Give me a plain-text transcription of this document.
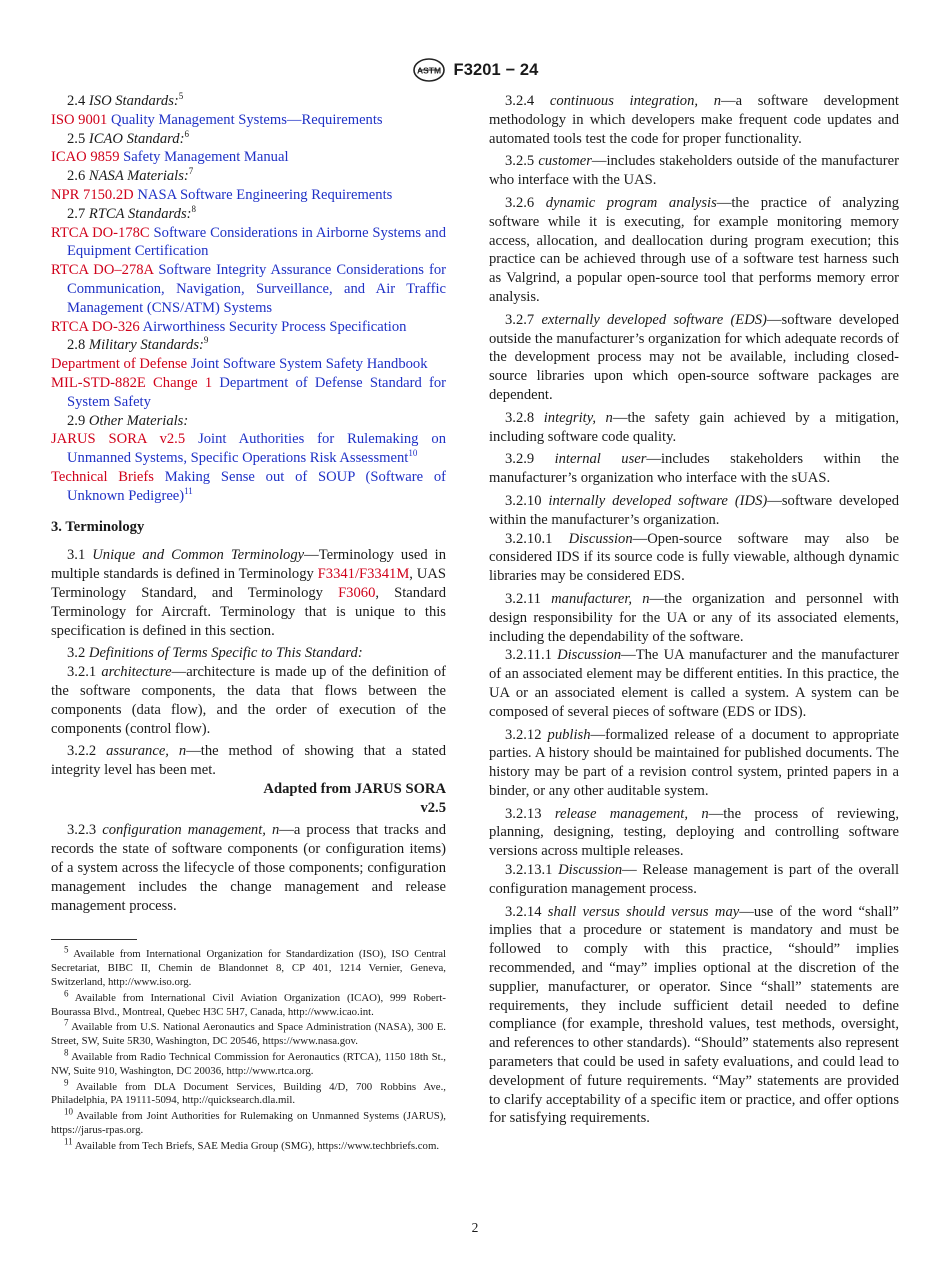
ASTM F3201 − 24

2.4 ISO Standards:$^5$

ISO 9001 Quality Management Systems—Requirements

2.5 ICAO Standard:$^6$

ICAO 9859 Safety Management Manual

2.6 NASA Materials:$^7$

NPR 7150.2D NASA Software Engineering Requirements

2.7 RTCA Standards:$^8$

RTCA DO-178C Software Considerations in Airborne Systems and Equipment Certification

RTCA DO–278A Software Integrity Assurance Considerations for Communication, Navigation, Surveillance, and Air Traffic Management (CNS/ATM) Systems

RTCA DO-326 Airworthiness Security Process Specification

2.8 Military Standards:$^9$

Department of Defense Joint Software System Safety Handbook

MIL-STD-882E Change 1 Department of Defense Standard for System Safety

2.9 Other Materials:

JARUS SORA v2.5 Joint Authorities for Rulemaking on Unmanned Systems, Specific Operations Risk Assessment$^{10}$

Technical Briefs Making Sense out of SOUP (Software of Unknown Pedigree)$^{11}$

3. Terminology

3.1 Unique and Common Terminology—Terminology used in multiple standards is defined in Terminology F3341/F3341M, UAS Terminology Standard, and Terminology F3060, Standard Terminology for Aircraft. Terminology that is unique to this specification is defined in this section.

3.2 Definitions of Terms Specific to This Standard:

3.2.1 architecture—architecture is made up of the definition of the software components, the data that flows between the components (data flow), and the order of execution of the components (control flow).

3.2.2 assurance, n—the method of showing that a stated integrity level has been met.

Adapted from JARUS SORA v2.5

3.2.3 configuration management, n—a process that tracks and records the state of software components (or configuration items) of a system across the lifecycle of those components; configuration management includes the change management and release management process.

$^5$ Available from International Organization for Standardization (ISO), ISO Central Secretariat, BIBC II, Chemin de Blandonnet 8, CP 401, 1214 Vernier, Geneva, Switzerland, http://www.iso.org.

$^6$ Available from International Civil Aviation Organization (ICAO), 999 Robert-Bourassa Blvd., Montreal, Quebec H3C 5H7, Canada, http://www.icao.int.

$^7$ Available from U.S. National Aeronautics and Space Administration (NASA), 300 E. Street, SW, Suite 5R30, Washington, DC 20546, https://www.nasa.gov.

$^8$ Available from Radio Technical Commission for Aeronautics (RTCA), 1150 18th St., NW, Suite 910, Washington, DC 20036, http://www.rtca.org.

$^9$ Available from DLA Document Services, Building 4/D, 700 Robbins Ave., Philadelphia, PA 19111-5094, http://quicksearch.dla.mil.

$^{10}$ Available from Joint Authorities for Rulemaking on Unmanned Systems (JARUS), https://jarus-rpas.org.

$^{11}$ Available from Tech Briefs, SAE Media Group (SMG), https://www.techbriefs.com.

3.2.4 continuous integration, n—a software development methodology in which developers make frequent code updates and automated tools test the code for proper functionality.

3.2.5 customer—includes stakeholders outside of the manufacturer who interface with the UAS.

3.2.6 dynamic program analysis—the practice of analyzing software while it is executing, for example monitoring memory access, allocation, and deallocation during program execution; this practice can be achieved through use of a software test harness such as Valgrind, a popular open-source tool that performs memory error analysis.

3.2.7 externally developed software (EDS)—software developed outside the manufacturer’s organization for which adequate records of the development process may not be available, including closed-source libraries upon which open-source software packages are dependent.

3.2.8 integrity, n—the safety gain achieved by a mitigation, including software code quality.

3.2.9 internal user—includes stakeholders within the manufacturer’s organization who interface with the sUAS.

3.2.10 internally developed software (IDS)—software developed within the manufacturer’s organization.

3.2.10.1 Discussion—Open-source software may also be considered IDS if its source code is fully viewable, although dynamic libraries may be considered EDS.

3.2.11 manufacturer, n—the organization and personnel with design responsibility for the UA or any of its associated elements, including the dependability of the software.

3.2.11.1 Discussion—The UA manufacturer and the manufacturer of an associated element may be different entities. In this practice, the UA or an associated element is called a system. A system can be composed of several pieces of software (EDS or IDS).

3.2.12 publish—formalized release of a document to appropriate parties. A history should be maintained for published documents. The history may be part of a revision control system, printed papers in a binder, or any other auditable system.

3.2.13 release management, n—the process of reviewing, planning, designing, testing, deploying and controlling software versions across multiple releases.

3.2.13.1 Discussion— Release management is part of the overall configuration management process.

3.2.14 shall versus should versus may—use of the word “shall” implies that a procedure or statement is mandatory and must be followed to comply with this practice, “should” implies recommended, and “may” implies optional at the discretion of the supplier, manufacturer, or operator. Since “shall” statements are requirements, they include sufficient detail needed to define compliance (for example, threshold values, test methods, oversight, and references to other standards). “Should” statements also represent parameters that could be used in safety evaluations, and could lead to development of future requirements. “May” statements are provided to clarify acceptability of a specific item or practice, and offer options for satisfying requirements.

2
